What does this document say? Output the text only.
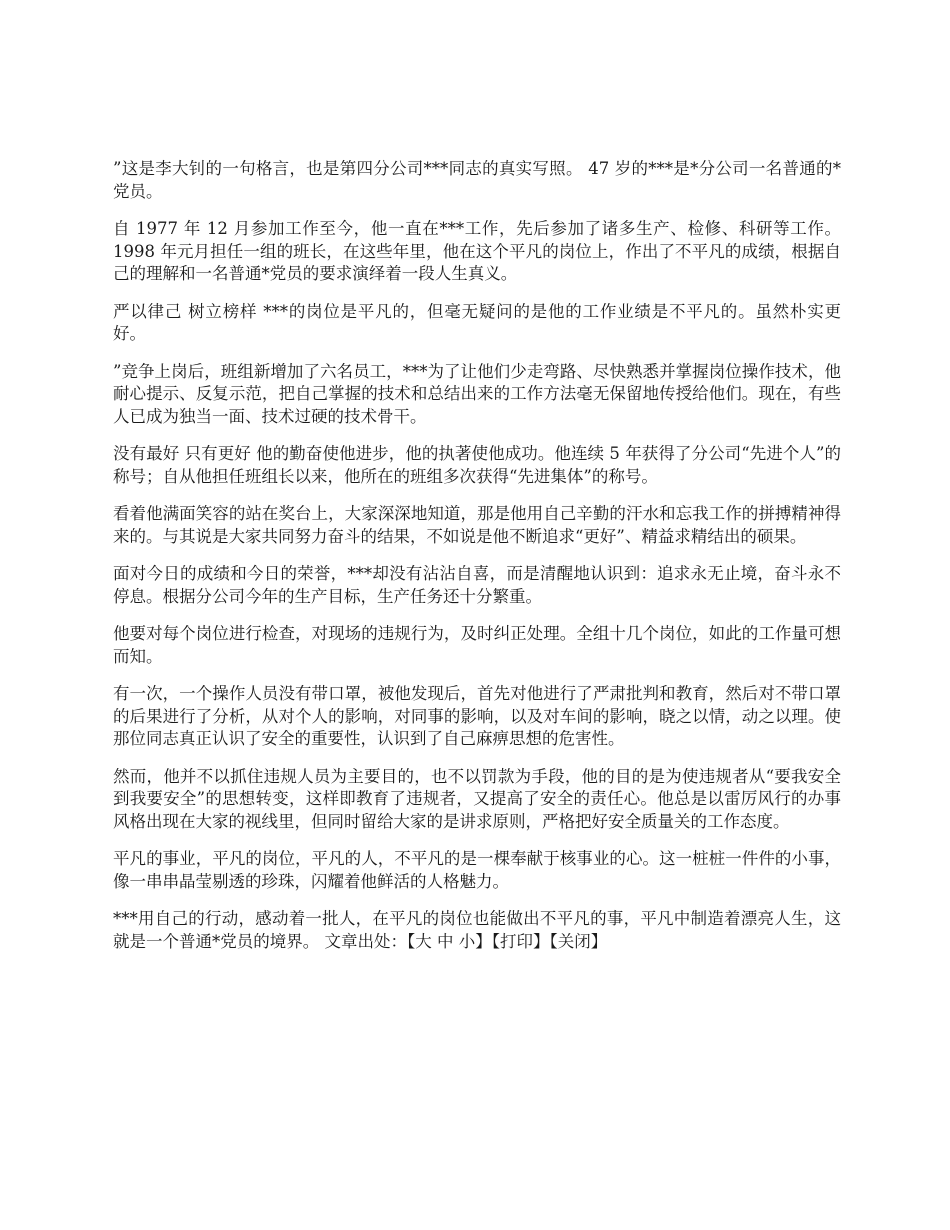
”这是李大钊的一句格言，也是第四分公司***同志的真实写照。 47 岁的***是*分公司一名普通的*党员。

自 1977 年 12 月参加工作至今，他一直在***工作，先后参加了诸多生产、检修、科研等工作。1998 年元月担任一组的班长，在这些年里，他在这个平凡的岗位上，作出了不平凡的成绩，根据自己的理解和一名普通*党员的要求演绎着一段人生真义。

严以律己 树立榜样 ***的岗位是平凡的，但毫无疑问的是他的工作业绩是不平凡的。虽然朴实更好。

”竞争上岗后，班组新增加了六名员工，***为了让他们少走弯路、尽快熟悉并掌握岗位操作技术，他耐心提示、反复示范，把自己掌握的技术和总结出来的工作方法毫无保留地传授给他们。现在，有些人已成为独当一面、技术过硬的技术骨干。

没有最好 只有更好 他的勤奋使他进步，他的执著使他成功。他连续 5 年获得了分公司“先进个人”的称号；自从他担任班组长以来，他所在的班组多次获得“先进集体”的称号。

看着他满面笑容的站在奖台上，大家深深地知道，那是他用自己辛勤的汗水和忘我工作的拼搏精神得来的。与其说是大家共同努力奋斗的结果，不如说是他不断追求“更好”、精益求精结出的硕果。

面对今日的成绩和今日的荣誉，***却没有沾沾自喜，而是清醒地认识到：追求永无止境，奋斗永不停息。根据分公司今年的生产目标，生产任务还十分繁重。

他要对每个岗位进行检查，对现场的违规行为，及时纠正处理。全组十几个岗位，如此的工作量可想而知。

有一次，一个操作人员没有带口罩，被他发现后，首先对他进行了严肃批判和教育，然后对不带口罩的后果进行了分析，从对个人的影响，对同事的影响，以及对车间的影响，晓之以情，动之以理。使那位同志真正认识了安全的重要性，认识到了自己麻痹思想的危害性。

然而，他并不以抓住违规人员为主要目的，也不以罚款为手段，他的目的是为使违规者从“要我安全到我要安全”的思想转变，这样即教育了违规者，又提高了安全的责任心。他总是以雷厉风行的办事风格出现在大家的视线里，但同时留给大家的是讲求原则，严格把好安全质量关的工作态度。

平凡的事业，平凡的岗位，平凡的人，不平凡的是一棵奉献于核事业的心。这一桩桩一件件的小事，像一串串晶莹剔透的珍珠，闪耀着他鲜活的人格魅力。

***用自己的行动，感动着一批人，在平凡的岗位也能做出不平凡的事，平凡中制造着漂亮人生，这就是一个普通*党员的境界。 文章出处：【大 中 小】【打印】【关闭】
